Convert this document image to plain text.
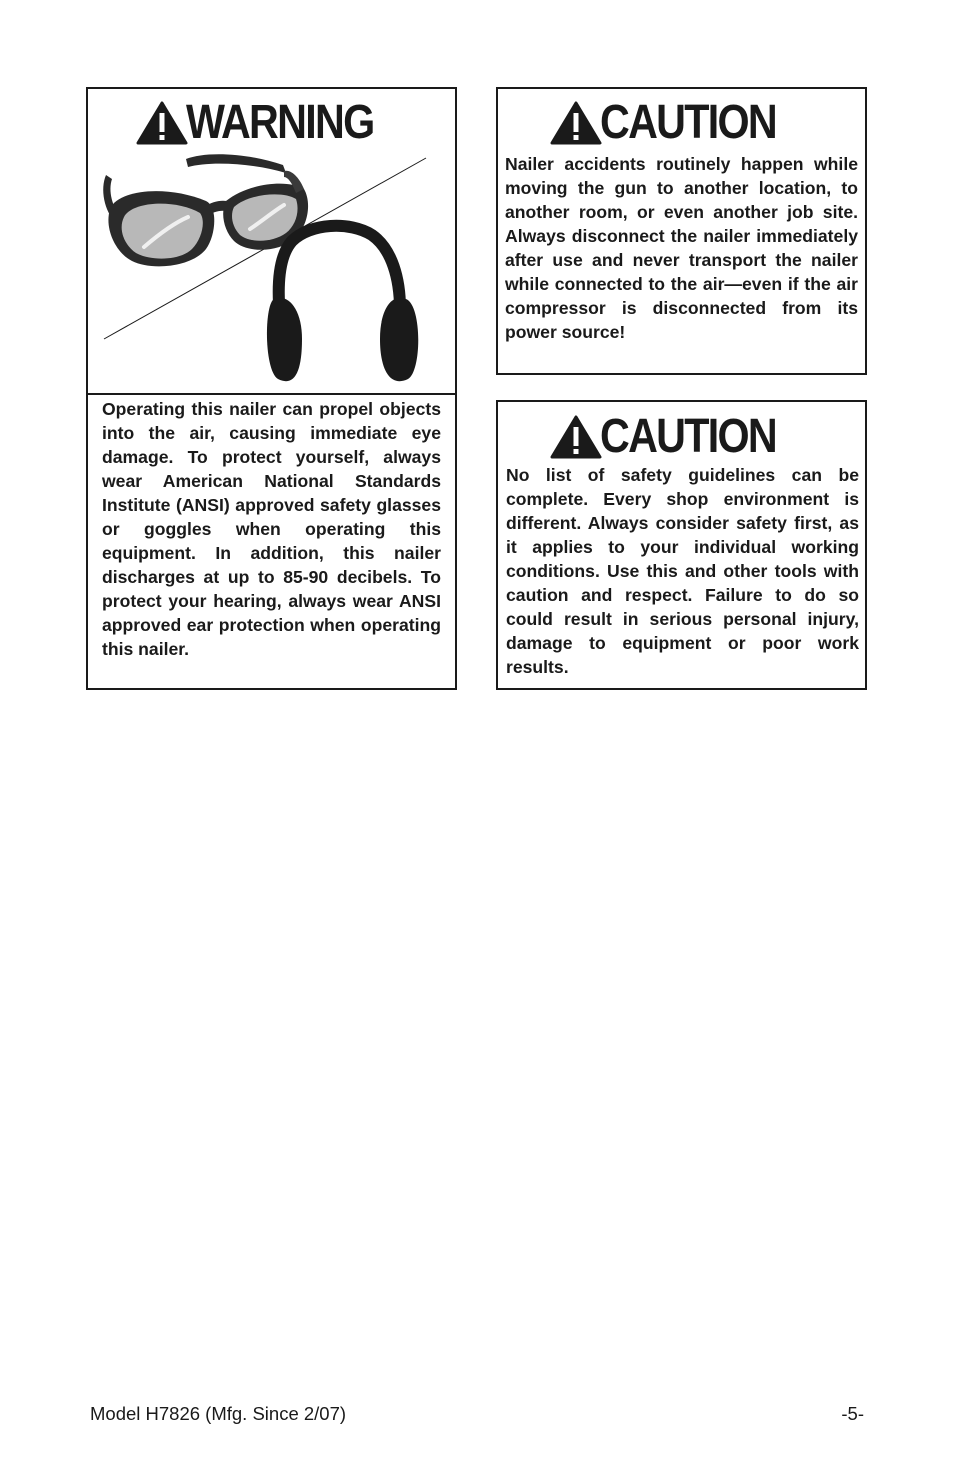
WARNING

Operating this nailer can propel objects into the air, causing immediate eye damage. To protect yourself, always wear American National Standards Institute (ANSI) approved safety glasses or goggles when operating this equipment. In addition, this nailer discharges at up to 85-90 decibels. To protect your hearing, always wear ANSI approved ear protection when operating this nailer.

CAUTION

Nailer accidents routinely happen while moving the gun to another location, to another room, or even another job site. Always disconnect the nailer immediately after use and never transport the nailer while connected to the air—even if the air compressor is disconnected from its power source!

CAUTION

No list of safety guidelines can be complete. Every shop environment is different. Always consider safety first, as it applies to your individual working conditions. Use this and other tools with caution and respect. Failure to do so could result in serious personal injury, damage to equipment or poor work results.

Model H7826 (Mfg. Since 2/07)	-5-
